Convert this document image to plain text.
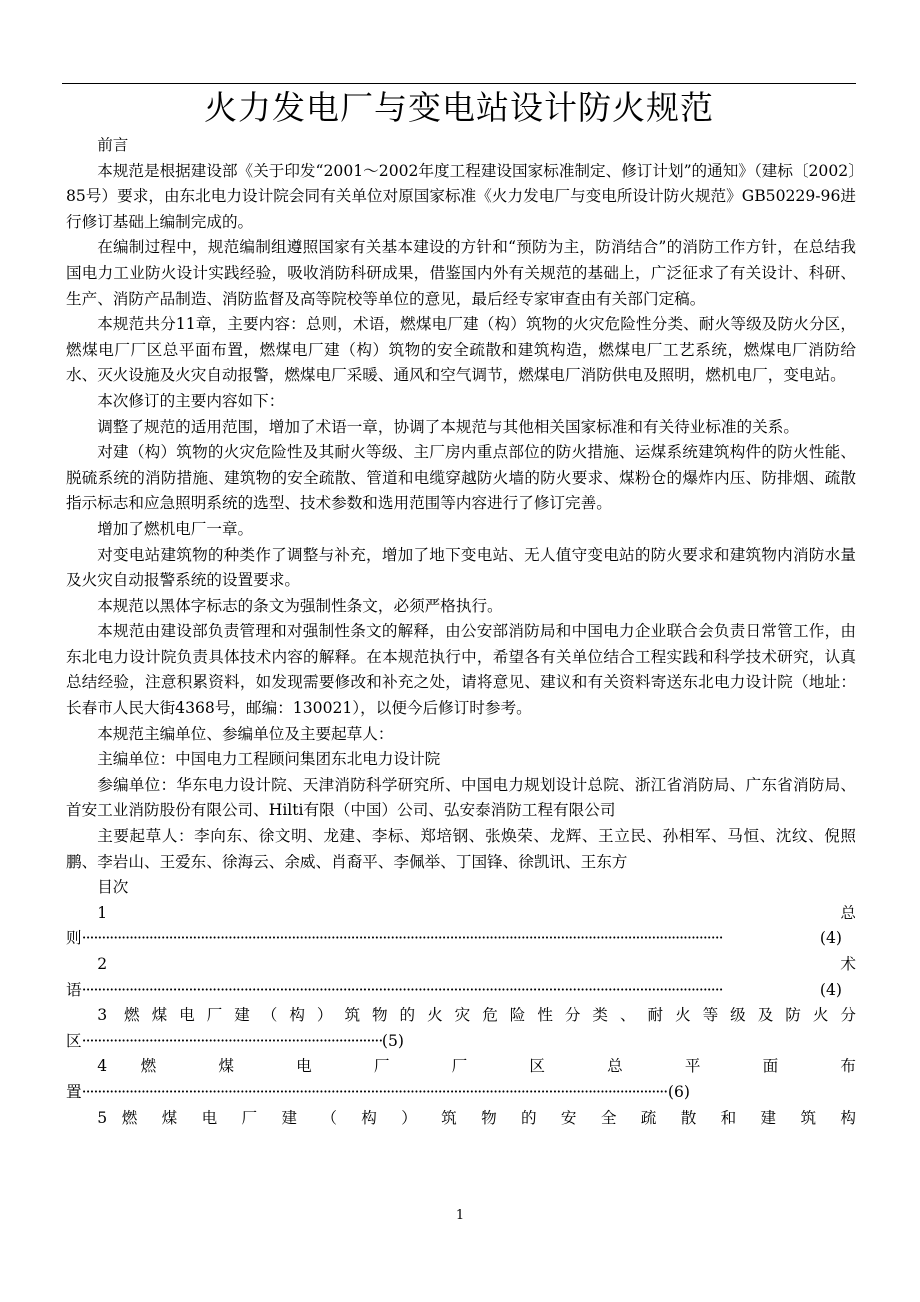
火力发电厂与变电站设计防火规范

前言

本规范是根据建设部《关于印发“2001～2002年度工程建设国家标准制定、修订计划”的通知》（建标〔2002〕85号）要求，由东北电力设计院会同有关单位对原国家标准《火力发电厂与变电所设计防火规范》GB50229-96进行修订基础上编制完成的。

在编制过程中，规范编制组遵照国家有关基本建设的方针和“预防为主，防消结合”的消防工作方针，在总结我国电力工业防火设计实践经验，吸收消防科研成果，借鉴国内外有关规范的基础上，广泛征求了有关设计、科研、生产、消防产品制造、消防监督及高等院校等单位的意见，最后经专家审查由有关部门定稿。

本规范共分11章，主要内容：总则，术语，燃煤电厂建（构）筑物的火灾危险性分类、耐火等级及防火分区，燃煤电厂厂区总平面布置，燃煤电厂建（构）筑物的安全疏散和建筑构造，燃煤电厂工艺系统，燃煤电厂消防给水、灭火设施及火灾自动报警，燃煤电厂采暖、通风和空气调节，燃煤电厂消防供电及照明，燃机电厂，变电站。

本次修订的主要内容如下：

调整了规范的适用范围，增加了术语一章，协调了本规范与其他相关国家标准和有关待业标准的关系。

对建（构）筑物的火灾危险性及其耐火等级、主厂房内重点部位的防火措施、运煤系统建筑构件的防火性能、脱硫系统的消防措施、建筑物的安全疏散、管道和电缆穿越防火墙的防火要求、煤粉仓的爆炸内压、防排烟、疏散指示标志和应急照明系统的选型、技术参数和选用范围等内容进行了修订完善。

增加了燃机电厂一章。

对变电站建筑物的种类作了调整与补充，增加了地下变电站、无人值守变电站的防火要求和建筑物内消防水量及火灾自动报警系统的设置要求。

本规范以黑体字标志的条文为强制性条文，必须严格执行。

本规范由建设部负责管理和对强制性条文的解释，由公安部消防局和中国电力企业联合会负责日常管工作，由东北电力设计院负责具体技术内容的解释。在本规范执行中，希望各有关单位结合工程实践和科学技术研究，认真总结经验，注意积累资料，如发现需要修改和补充之处，请将意见、建议和有关资料寄送东北电力设计院（地址：长春市人民大街4368号，邮编：130021），以便今后修订时参考。

本规范主编单位、参编单位及主要起草人：

主编单位：中国电力工程顾问集团东北电力设计院

参编单位：华东电力设计院、天津消防科学研究所、中国电力规划设计总院、浙江省消防局、广东省消防局、首安工业消防股份有限公司、Hilti有限（中国）公司、弘安泰消防工程有限公司

主要起草人：李向东、徐文明、龙建、李标、郑培钢、张焕荣、龙辉、王立民、孙相军、马恒、沈纹、倪照鹏、李岩山、王爱东、徐海云、余威、肖裔平、李佩举、丁国锋、徐凯讯、王东方

目次

1 总
则 ·····	(4)
2 术
语 ·····	(4)
3 燃煤电厂建（构）筑物的火灾危险性分类、耐火等级及防火分
区 ·····	(5)
4 燃 煤 电 厂 厂 区 总 平 面 布
置 ·····	(6)
5 燃 煤 电 厂 建 （ 构 ） 筑 物 的 安 全 疏 散 和 建 筑 构
1
